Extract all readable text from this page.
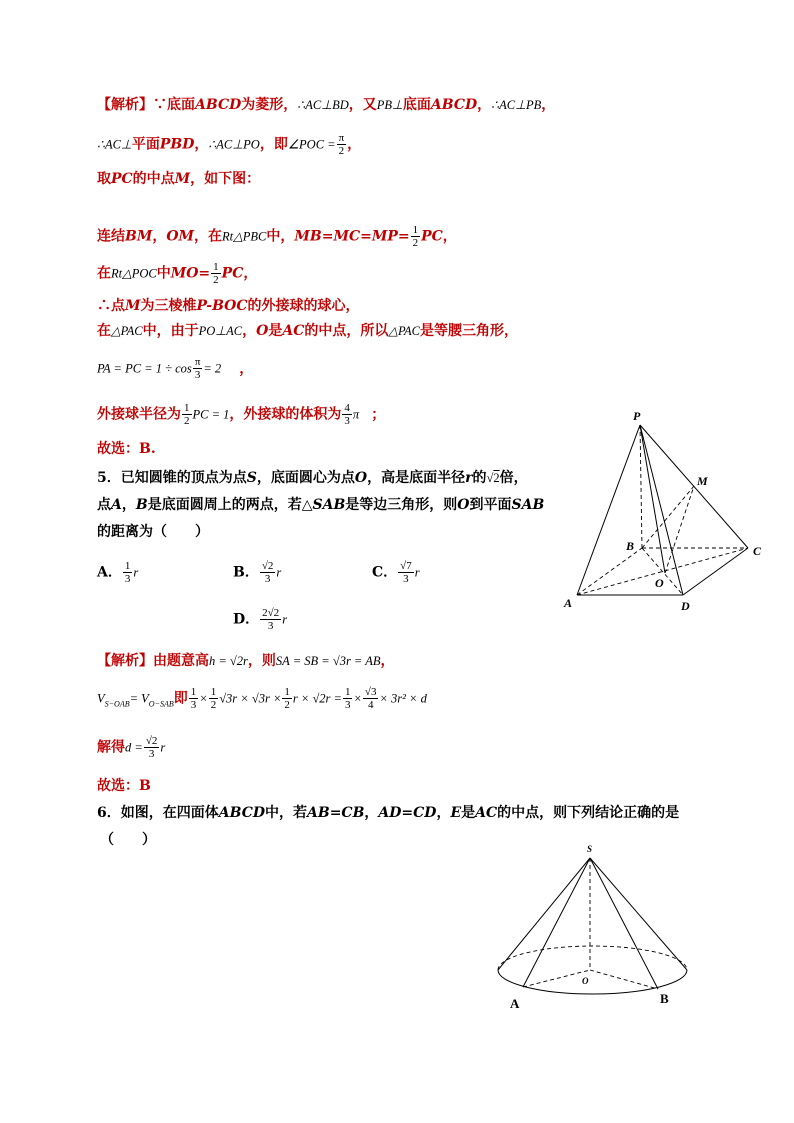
【解析】∵底面ABCD为菱形，∴AC⊥BD，又PB⊥底面ABCD，∴AC⊥PB，
∴AC⊥平面PBD，∴AC⊥PO，即∠POC = $\frac{\pi}{2}$ ，
取PC的中点M，如下图：
连结BM，OM，在Rt△PBC中，$MB=MC=MP= \frac{1}{2}$ PC，
在Rt△POC中$MO= \frac{1}{2}$ PC，
∴点M为三棱椎P-BOC的外接球的球心，
在△PAC中，由于PO⊥AC，O是AC的中点，所以△PAC是等腰三角形，
PA = PC = $1 \div \cos \frac{\pi}{3} = 2$ ，
外接球半径为 $\frac{1}{2}$ PC = 1，外接球的体积为 $\frac{4}{3}$ π ；
故选：B.
5．已知圆锥的顶点为点S，底面圆心为点O，高是底面半径r的√2倍，
点A，B是底面圆周上的两点，若△SAB是等边三角形，则O到平面SAB
的距离为（　　）
A． $\frac{1}{3}$ r	B． $\frac{√2}{3}$ r	C． $\frac{√7}{3}$ r
D． $\frac{2√2}{3}$ r
【解析】由题意高h = √2r，则SA = SB = √3r = AB，
$V_{S-OAB}= V_{O-SAB}$即 $\frac{1}{3} \times \frac{1}{2} √3r \times √3r \times \frac{1}{2}$ $r \times √2r = \frac{1}{3} \times \frac{√3}{4} \times 3r^2 \times d$
解得$d = \frac{√2}{3}$ r
故选：B
6．如图，在四面体ABCD中，若AB=CB，AD=CD，E是AC的中点，则下列结论正确的是
（　　）
P
M
B	C
O
A	D
S
O
A	B
